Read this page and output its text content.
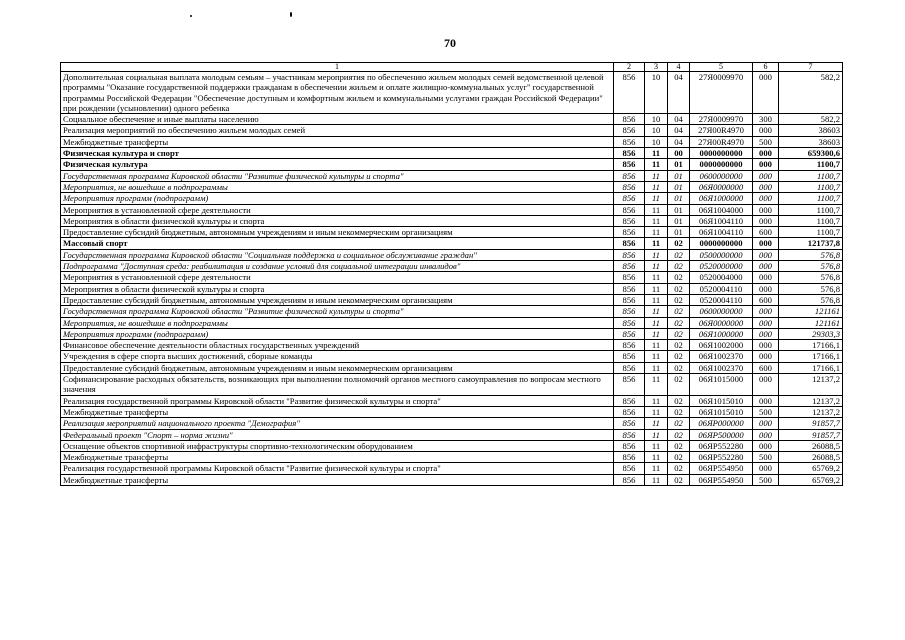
70
1	2	3	4	5	6	7
Дополнительная социальная выплата молодым семьям – участникам мероприятия по обеспечению жильем молодых семей ведомственной целевой программы "Оказание государственной поддержки гражданам в обеспечении жильем и оплате жилищно-коммунальных услуг" государственной программы Российской Федерации "Обеспечение доступным и комфортным жильем и коммунальными услугами граждан Российской Федерации" при рождении (усыновлении) одного ребенка	856	10	04	27Я0009970	000	582,2
Социальное обеспечение и иные выплаты населению	856	10	04	27Я0009970	300	582,2
Реализация мероприятий по обеспечению жильем молодых семей	856	10	04	27Я00R4970	000	38603
Межбюджетные трансферты	856	10	04	27Я00R4970	500	38603
Физическая культура и спорт	856	11	00	0000000000	000	659300,6
Физическая культура	856	11	01	0000000000	000	1100,7
Государственная программа Кировской области "Развитие физической культуры и спорта"	856	11	01	0600000000	000	1100,7
Мероприятия, не вошедшие в подпрограммы	856	11	01	06Я0000000	000	1100,7
Мероприятия программ (подпрограмм)	856	11	01	06Я1000000	000	1100,7
Мероприятия в установленной сфере деятельности	856	11	01	06Я1004000	000	1100,7
Мероприятия в области физической культуры и спорта	856	11	01	06Я1004110	000	1100,7
Предоставление субсидий бюджетным, автономным учреждениям и иным некоммерческим организациям	856	11	01	06Я1004110	600	1100,7
Массовый спорт	856	11	02	0000000000	000	121737,8
Государственная программа Кировской области "Социальная поддержка и социальное обслуживание граждан"	856	11	02	0500000000	000	576,8
Подпрограмма "Доступная среда: реабилитация и создание условий для социальной интеграции инвалидов"	856	11	02	0520000000	000	576,8
Мероприятия в установленной сфере деятельности	856	11	02	0520004000	000	576,8
Мероприятия в области физической культуры и спорта	856	11	02	0520004110	000	576,8
Предоставление субсидий бюджетным, автономным учреждениям и иным некоммерческим организациям	856	11	02	0520004110	600	576,8
Государственная программа Кировской области "Развитие физической культуры и спорта"	856	11	02	0600000000	000	121161
Мероприятия, не вошедшие в подпрограммы	856	11	02	06Я0000000	000	121161
Мероприятия программ (подпрограмм)	856	11	02	06Я1000000	000	29303,3
Финансовое обеспечение деятельности областных государственных учреждений	856	11	02	06Я1002000	000	17166,1
Учреждения в сфере спорта высших достижений, сборные команды	856	11	02	06Я1002370	000	17166,1
Предоставление субсидий бюджетным, автономным учреждениям и иным некоммерческим организациям	856	11	02	06Я1002370	600	17166,1
Софинансирование расходных обязательств, возникающих при выполнении полномочий органов местного самоуправления по вопросам местного значения	856	11	02	06Я1015000	000	12137,2
Реализация государственной программы Кировской области "Развитие физической культуры и спорта"	856	11	02	06Я1015010	000	12137,2
Межбюджетные трансферты	856	11	02	06Я1015010	500	12137,2
Реализация мероприятий национального проекта "Демография"	856	11	02	06ЯР000000	000	91857,7
Федеральный проект "Спорт – норма жизни"	856	11	02	06ЯР500000	000	91857,7
Оснащение объектов спортивной инфраструктуры спортивно-технологическим оборудованием	856	11	02	06ЯР552280	000	26088,5
Межбюджетные трансферты	856	11	02	06ЯР552280	500	26088,5
Реализация государственной программы Кировской области "Развитие физической культуры и спорта"	856	11	02	06ЯР554950	000	65769,2
Межбюджетные трансферты	856	11	02	06ЯР554950	500	65769,2
